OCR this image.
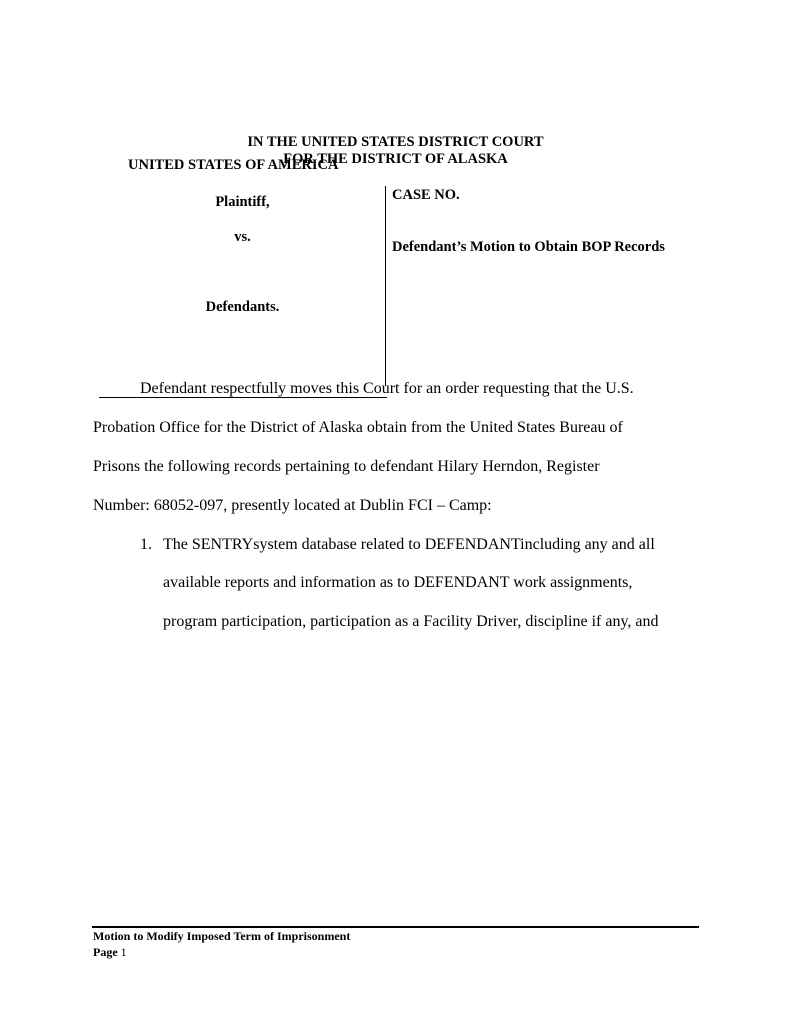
IN THE UNITED STATES DISTRICT COURT
FOR THE DISTRICT OF ALASKA
UNITED STATES OF AMERICA
Plaintiff,
vs.
Defendants.
CASE NO.
Defendant’s Motion to Obtain BOP Records
Defendant respectfully moves this Court for an order requesting that the U.S.
Probation Office for the District of Alaska obtain from the United States Bureau of
Prisons the following records pertaining to defendant Hilary Herndon, Register
Number: 68052-097, presently located at Dublin FCI – Camp:
1. The SENTRYsystem database related to DEFENDANTincluding any and all
available reports and information as to DEFENDANT work assignments,
program participation, participation as a Facility Driver, discipline if any, and
Motion to Modify Imposed Term of Imprisonment
Page 1
